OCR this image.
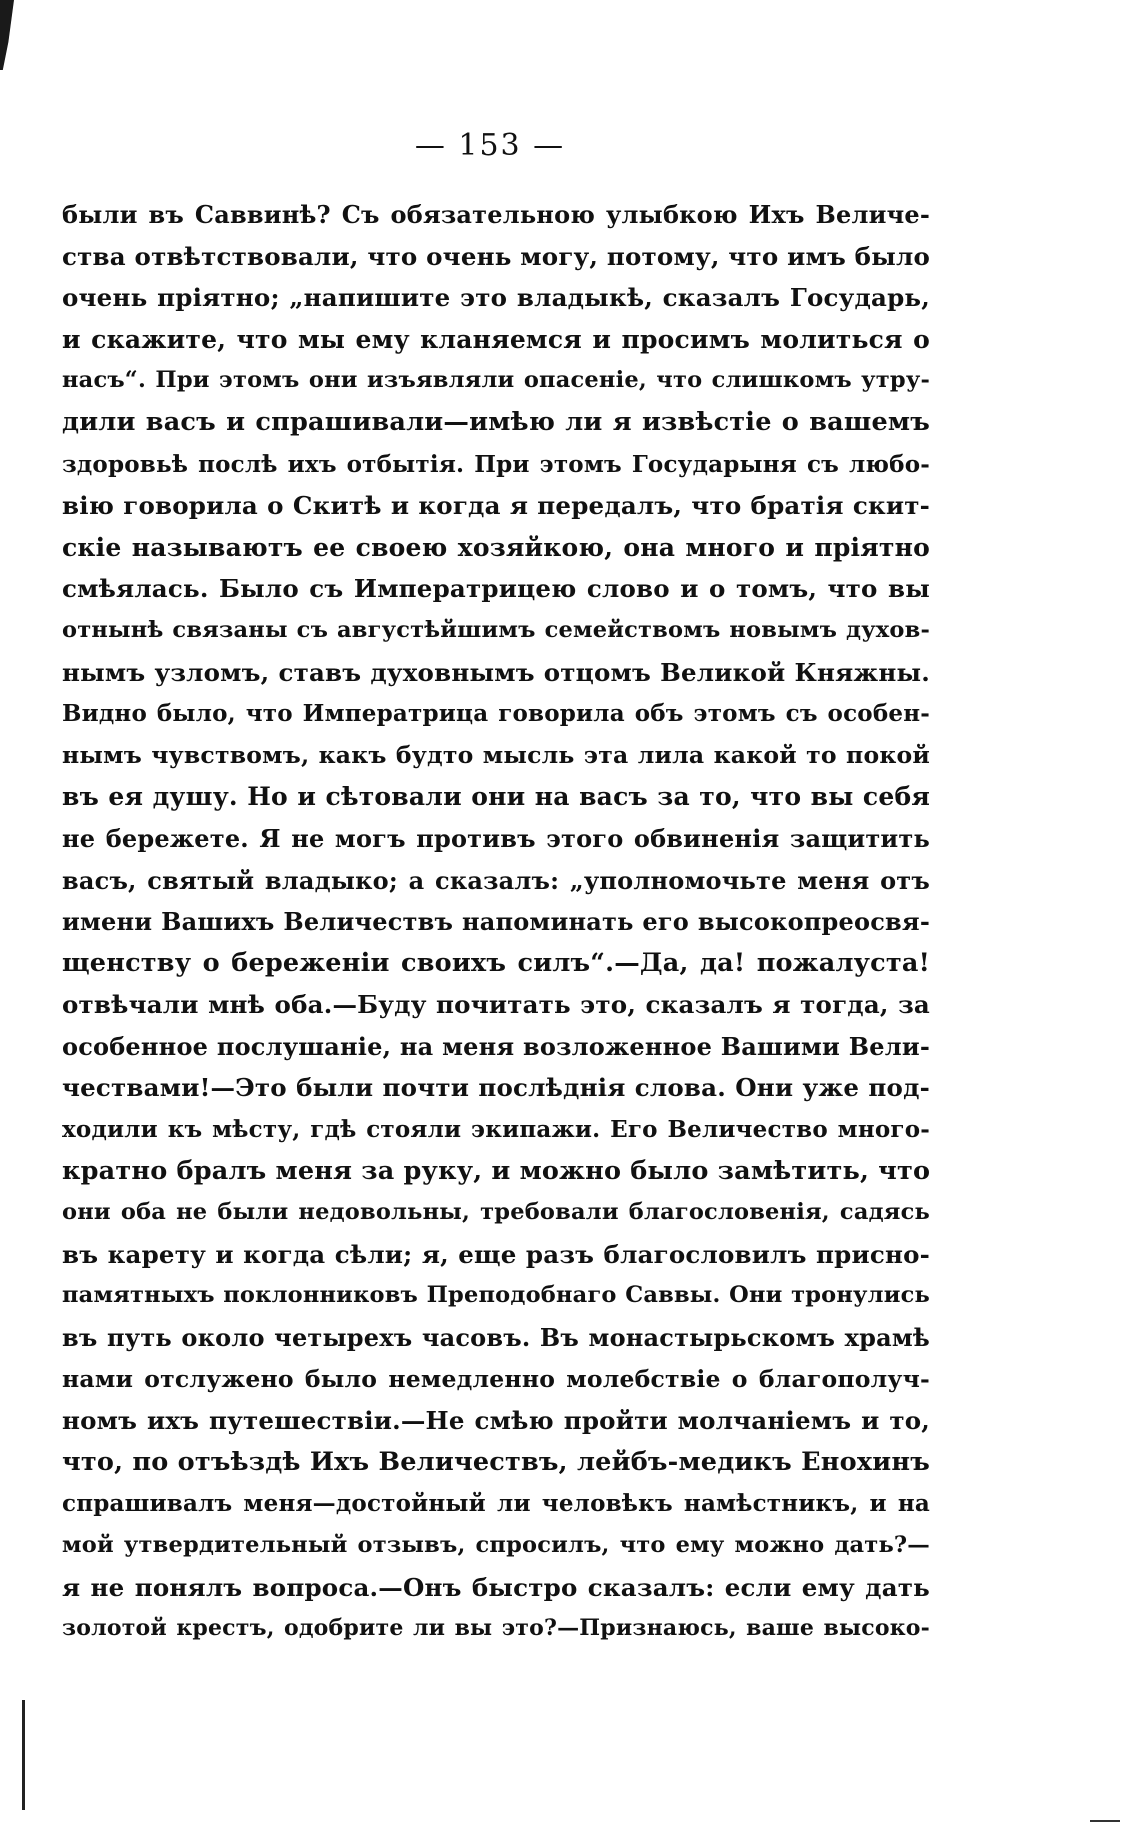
— 153 —
были въ Саввинѣ? Съ обязательною улыбкою Ихъ Величе-
ства отвѣтствовали, что очень могу, потому, что имъ было
очень пріятно; „напишите это владыкѣ, сказалъ Государь,
и скажите, что мы ему кланяемся и просимъ молиться о
насъ“. При этомъ они изъявляли опасеніе, что слишкомъ утру-
дили васъ и спрашивали—имѣю ли я извѣстіе о вашемъ
здоровьѣ послѣ ихъ отбытія. При этомъ Государыня съ любо-
вію говорила о Скитѣ и когда я передалъ, что братія скит-
скіе называютъ ее своею хозяйкою, она много и пріятно
смѣялась. Было съ Императрицею слово и о томъ, что вы
отнынѣ связаны съ августѣйшимъ семействомъ новымъ духов-
нымъ узломъ, ставъ духовнымъ отцомъ Великой Княжны.
Видно было, что Императрица говорила объ этомъ съ особен-
нымъ чувствомъ, какъ будто мысль эта лила какой то покой
въ ея душу. Но и сѣтовали они на васъ за то, что вы себя
не бережете. Я не могъ противъ этого обвиненія защитить
васъ, святый владыко; а сказалъ: „уполномочьте меня отъ
имени Вашихъ Величествъ напоминать его высокопреосвя-
щенству о береженіи своихъ силъ“.—Да, да! пожалуста!
отвѣчали мнѣ оба.—Буду почитать это, сказалъ я тогда, за
особенное послушаніе, на меня возложенное Вашими Вели-
чествами!—Это были почти послѣднія слова. Они уже под-
ходили къ мѣсту, гдѣ стояли экипажи. Его Величество много-
кратно бралъ меня за руку, и можно было замѣтить, что
они оба не были недовольны, требовали благословенія, садясь
въ карету и когда сѣли; я, еще разъ благословилъ присно-
памятныхъ поклонниковъ Преподобнаго Саввы. Они тронулись
въ путь около четырехъ часовъ. Въ монастырьскомъ храмѣ
нами отслужено было немедленно молебствіе о благополуч-
номъ ихъ путешествіи.—Не смѣю пройти молчаніемъ и то,
что, по отъѣздѣ Ихъ Величествъ, лейбъ-медикъ Енохинъ
спрашивалъ меня—достойный ли человѣкъ намѣстникъ, и на
мой утвердительный отзывъ, спросилъ, что ему можно дать?—
я не понялъ вопроса.—Онъ быстро сказалъ: если ему дать
золотой крестъ, одобрите ли вы это?—Признаюсь, ваше высоко-
